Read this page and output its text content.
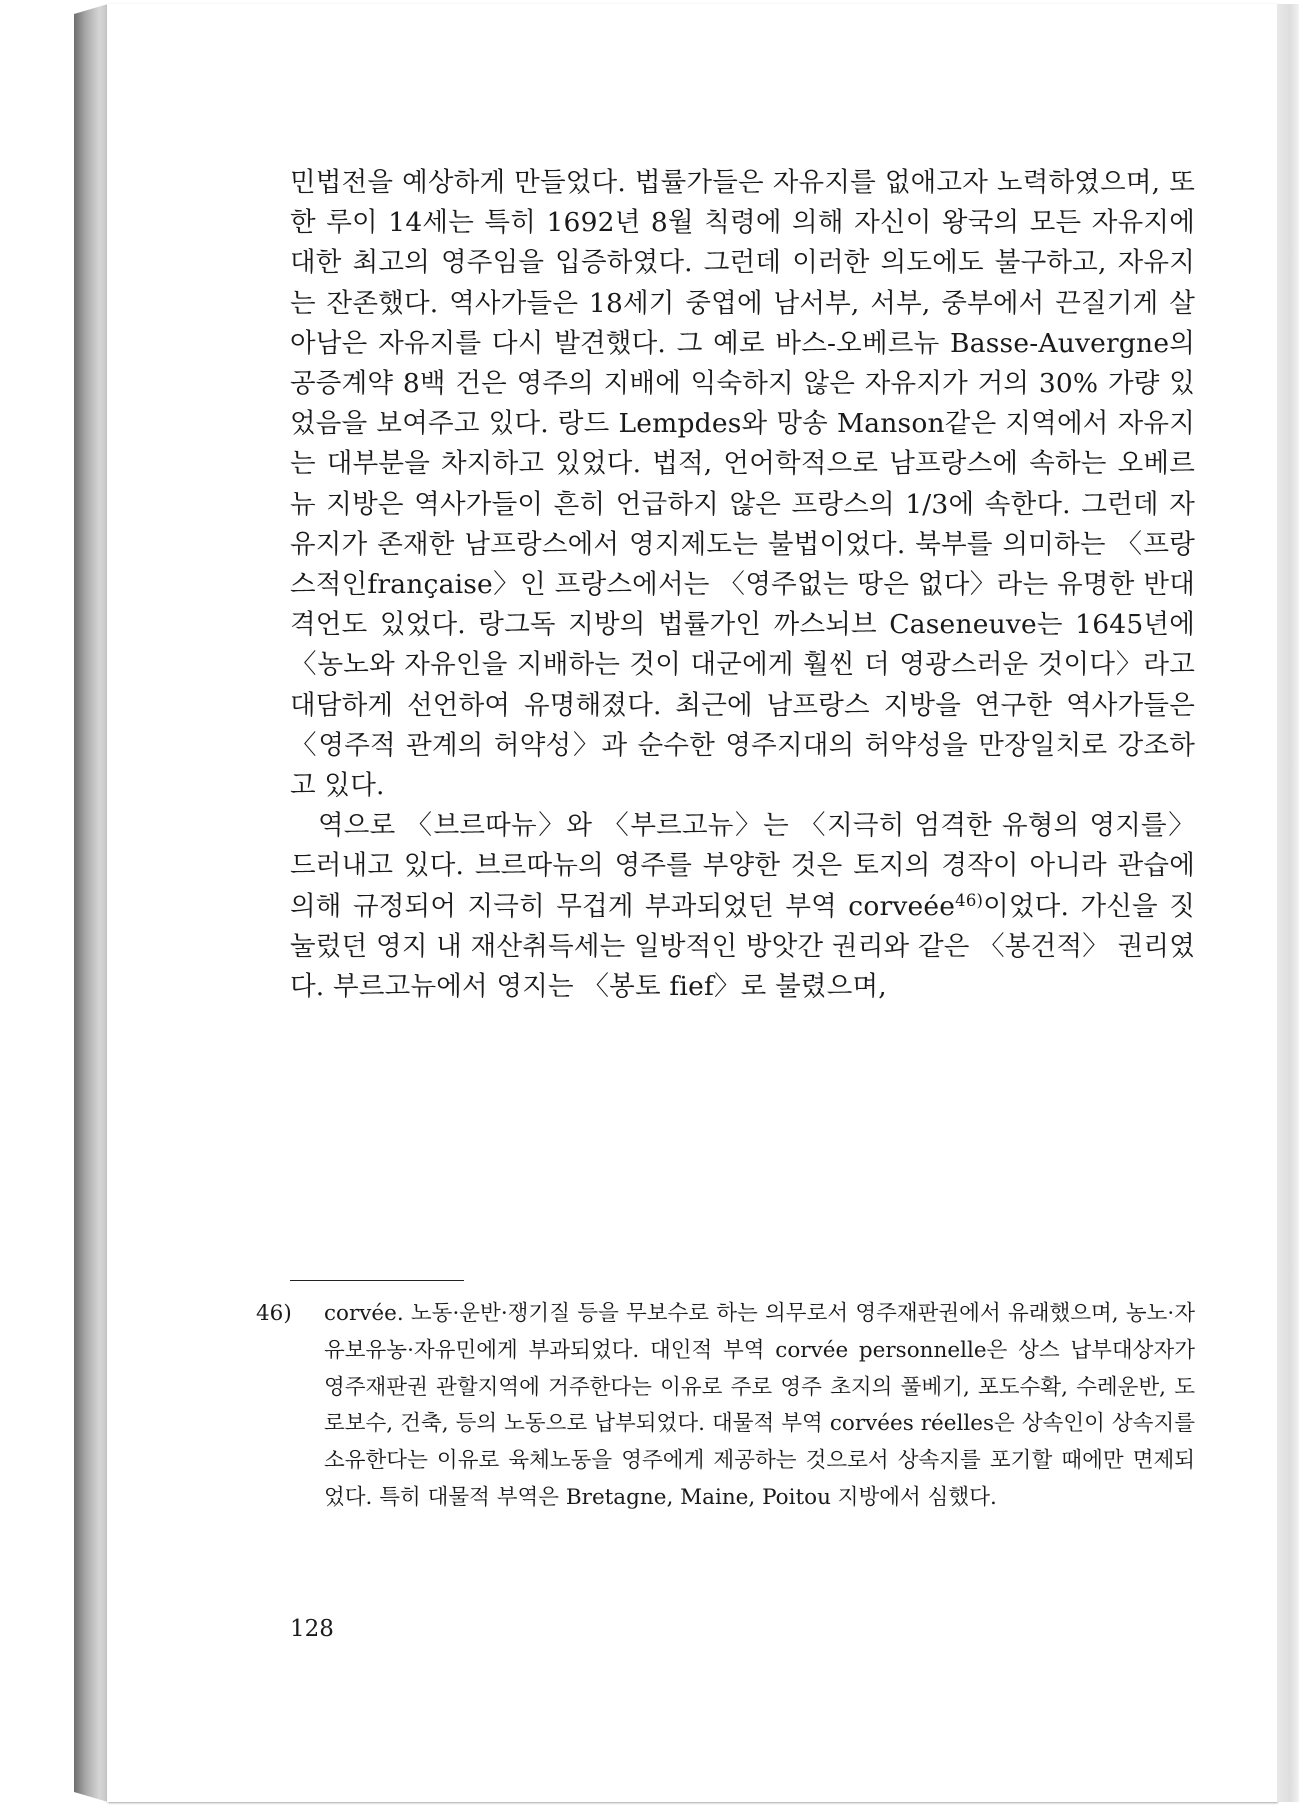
민법전을 예상하게 만들었다. 법률가들은 자유지를 없애고자 노력하였으며, 또한 루이 14세는 특히 1692년 8월 칙령에 의해 자신이 왕국의 모든 자유지에 대한 최고의 영주임을 입증하였다. 그런데 이러한 의도에도 불구하고, 자유지는 잔존했다. 역사가들은 18세기 중엽에 남서부, 서부, 중부에서 끈질기게 살아남은 자유지를 다시 발견했다. 그 예로 바스-오베르뉴 Basse-Auvergne의 공증계약 8백 건은 영주의 지배에 익숙하지 않은 자유지가 거의 30% 가량 있었음을 보여주고 있다. 랑드 Lempdes와 망송 Manson같은 지역에서 자유지는 대부분을 차지하고 있었다. 법적, 언어학적으로 남프랑스에 속하는 오베르뉴 지방은 역사가들이 흔히 언급하지 않은 프랑스의 1/3에 속한다. 그런데 자유지가 존재한 남프랑스에서 영지제도는 불법이었다. 북부를 의미하는 〈프랑스적인française〉인 프랑스에서는 〈영주없는 땅은 없다〉라는 유명한 반대 격언도 있었다. 랑그독 지방의 법률가인 까스뇌브 Caseneuve는 1645년에 〈농노와 자유인을 지배하는 것이 대군에게 훨씬 더 영광스러운 것이다〉라고 대담하게 선언하여 유명해졌다. 최근에 남프랑스 지방을 연구한 역사가들은 〈영주적 관계의 허약성〉과 순수한 영주지대의 허약성을 만장일치로 강조하고 있다.

역으로 〈브르따뉴〉와 〈부르고뉴〉는 〈지극히 엄격한 유형의 영지를〉 드러내고 있다. 브르따뉴의 영주를 부양한 것은 토지의 경작이 아니라 관습에 의해 규정되어 지극히 무겁게 부과되었던 부역 corveée$^{46)}$이었다. 가신을 짓눌렀던 영지 내 재산취득세는 일방적인 방앗간 권리와 같은 〈봉건적〉 권리였다. 부르고뉴에서 영지는 〈봉토 fief〉로 불렸으며,

46) corvée. 노동·운반·쟁기질 등을 무보수로 하는 의무로서 영주재판권에서 유래했으며, 농노·자유보유농·자유민에게 부과되었다. 대인적 부역 corvée personnelle은 상스 납부대상자가 영주재판권 관할지역에 거주한다는 이유로 주로 영주 초지의 풀베기, 포도수확, 수레운반, 도로보수, 건축, 등의 노동으로 납부되었다. 대물적 부역 corvées réelles은 상속인이 상속지를 소유한다는 이유로 육체노동을 영주에게 제공하는 것으로서 상속지를 포기할 때에만 면제되었다. 특히 대물적 부역은 Bretagne, Maine, Poitou 지방에서 심했다.
128
